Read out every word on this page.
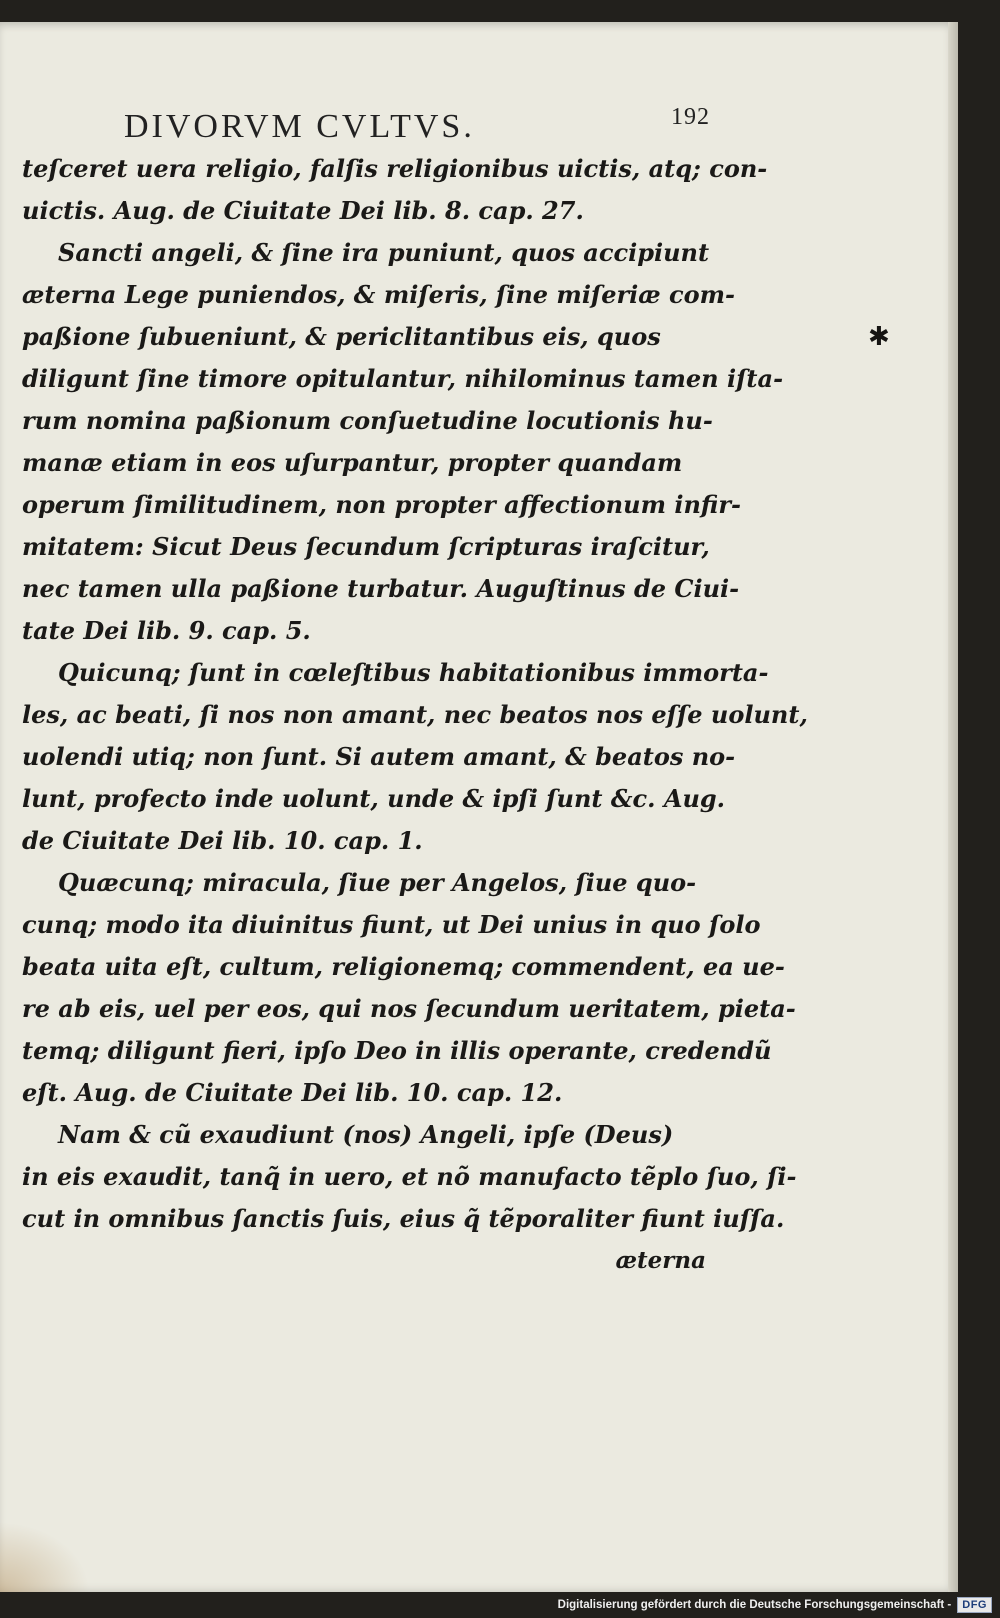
DIVORVM CVLTVS.	192
teſceret uera religio, falſis religionibus uictis, atq; con-
uictis. Aug. de Ciuitate Dei lib. 8. cap. 27.
Sancti angeli, & ſine ira puniunt, quos accipiunt
æterna Lege puniendos, & miſeris, ſine miſeriæ com-
paßione ſubueniunt, & periclitantibus eis, quos
diligunt ſine timore opitulantur, nihilominus tamen iſta-
rum nomina paßionum conſuetudine locutionis hu-
manæ etiam in eos uſurpantur, propter quandam
operum ſimilitudinem, non propter affectionum infir-
mitatem: Sicut Deus ſecundum ſcripturas iraſcitur,
nec tamen ulla paßione turbatur. Auguſtinus de Ciui-
tate Dei lib. 9. cap. 5.
Quicunq; ſunt in cœleſtibus habitationibus immorta-
les, ac beati, ſi nos non amant, nec beatos nos eſſe uolunt,
uolendi utiq; non ſunt. Si autem amant, & beatos no-
lunt, profecto inde uolunt, unde & ipſi ſunt &c. Aug.
de Ciuitate Dei lib. 10. cap. 1.
Quæcunq; miracula, ſiue per Angelos, ſiue quo-
cunq; modo ita diuinitus fiunt, ut Dei unius in quo ſolo
beata uita eſt, cultum, religionemq; commendent, ea ue-
re ab eis, uel per eos, qui nos ſecundum ueritatem, pieta-
temq; diligunt fieri, ipſo Deo in illis operante, credendũ
eſt. Aug. de Ciuitate Dei lib. 10. cap. 12.
Nam & cũ exaudiunt (nos) Angeli, ipſe (Deus)
in eis exaudit, tanq̃ in uero, et nõ manufacto tẽplo ſuo, ſi-
cut in omnibus ſanctis ſuis, eius q̃ tẽporaliter fiunt iuſſa.
æterna
✱
Digitalisierung gefördert durch die Deutsche Forschungsgemeinschaft -	DFG
